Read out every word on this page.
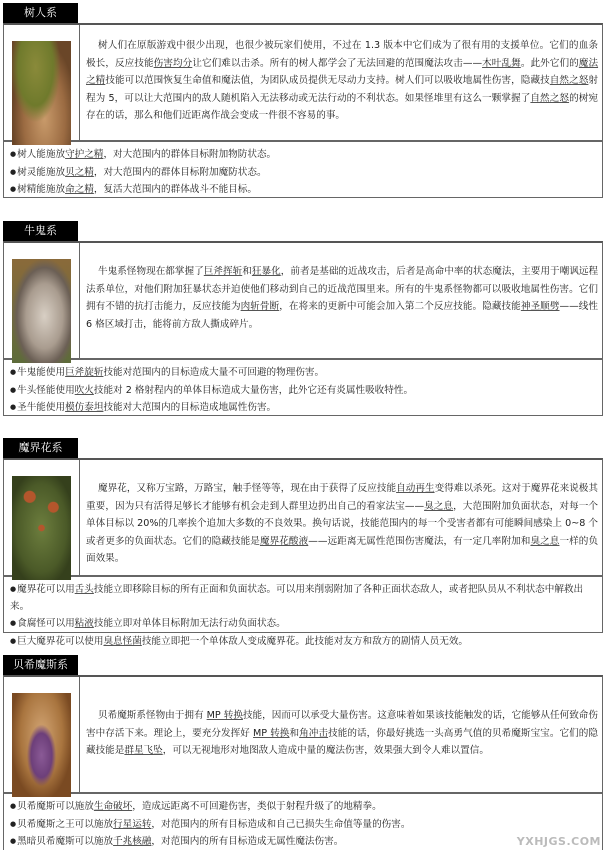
树人系
树人们在原版游戏中很少出现，也很少被玩家们使用，不过在 1.3 版本中它们成为了很有用的支援单位。它们的血条极长，反应技能伤害均分让它们难以击杀。所有的树人都学会了无法回避的范围魔法攻击——木叶乱舞。此外它们的魔法之精技能可以范围恢复生命值和魔法值，为团队成员提供无尽动力支持。树人们可以吸收地属性伤害，隐藏技自然之怒射程为 5，可以让大范围内的敌人随机陷入无法移动或无法行动的不利状态。如果怪堆里有这么一颗掌握了自然之怒的树宛存在的话，那么和他们近距离作战会变成一件很不容易的事。
● 树人能施放守护之精，对大范围内的群体目标附加物防状态。
● 树灵能施放贝之精，对大范围内的群体目标附加魔防状态。
● 树精能施放命之精，复活大范围内的群体战斗不能目标。
牛鬼系
牛鬼系怪物现在都掌握了巨斧挥斩和狂暴化，前者是基础的近战攻击，后者是高命中率的状态魔法，主要用于嘲讽远程法系单位，对他们附加狂暴状态并迫使他们移动到自己的近战范围里来。所有的牛鬼系怪物都可以吸收地属性伤害。它们拥有不错的抗打击能力，反应技能为肉斩骨断，在将来的更新中可能会加入第二个反应技能。隐藏技能神圣顺劈——线性 6 格区域打击，能将前方敌人撕成碎片。
● 牛鬼能使用巨斧旋斩技能对范围内的目标造成大量不可回避的物理伤害。
● 牛头怪能使用吹火技能对 2 格射程内的单体目标造成大量伤害，此外它还有炎属性吸收特性。
● 圣牛能使用模仿泰坦技能对大范围内的目标造成地属性伤害。
魔界花系
魔界花，又称万宝路，万路宝，触手怪等等，现在由于获得了反应技能自动再生变得难以杀死。这对于魔界花来说极其重要，因为只有活得足够长才能够有机会走到人群里边扔出自己的看家法宝——臭之息，大范围附加负面状态，对每一个单体目标以 20%的几率挨个追加大多数的不良效果。换句话说，技能范围内的每一个受害者都有可能瞬间感染上 0~8 个或者更多的负面状态。它们的隐藏技能是魔界花酸液——远距离无属性范围伤害魔法，有一定几率附加和臭之息一样的负面效果。
● 魔界花可以用舌头技能立即移除目标的所有正面和负面状态。可以用来削弱附加了各种正面状态敌人，或者把队员从不利状态中解救出来。
● 食腐怪可以用粘液技能立即对单体目标附加无法行动负面状态。
● 巨大魔界花可以使用臭息怪菌技能立即把一个单体敌人变成魔界花。此技能对友方和敌方的剧情人员无效。
贝希魔斯系
贝希魔斯系怪物由于拥有 MP 转换技能，因而可以承受大量伤害。这意味着如果该技能触发的话，它能够从任何致命伤害中存活下来。理论上，要充分发挥好 MP 转换和角冲击技能的话，你最好挑选一头高勇气值的贝希魔斯宝宝。它们的隐藏技能是群星飞坠，可以无视地形对地图敌人造成中量的魔法伤害，效果强大到令人难以置信。
● 贝希魔斯可以施放生命破坏，造成远距离不可回避伤害，类似于射程升级了的地精拳。
● 贝希魔斯之王可以施放行星运转，对范围内的所有目标造成和自己已损失生命值等量的伤害。
● 黑暗贝希魔斯可以施放千兆核融，对范围内的所有目标造成无属性魔法伤害。	YXHJGS.COM
